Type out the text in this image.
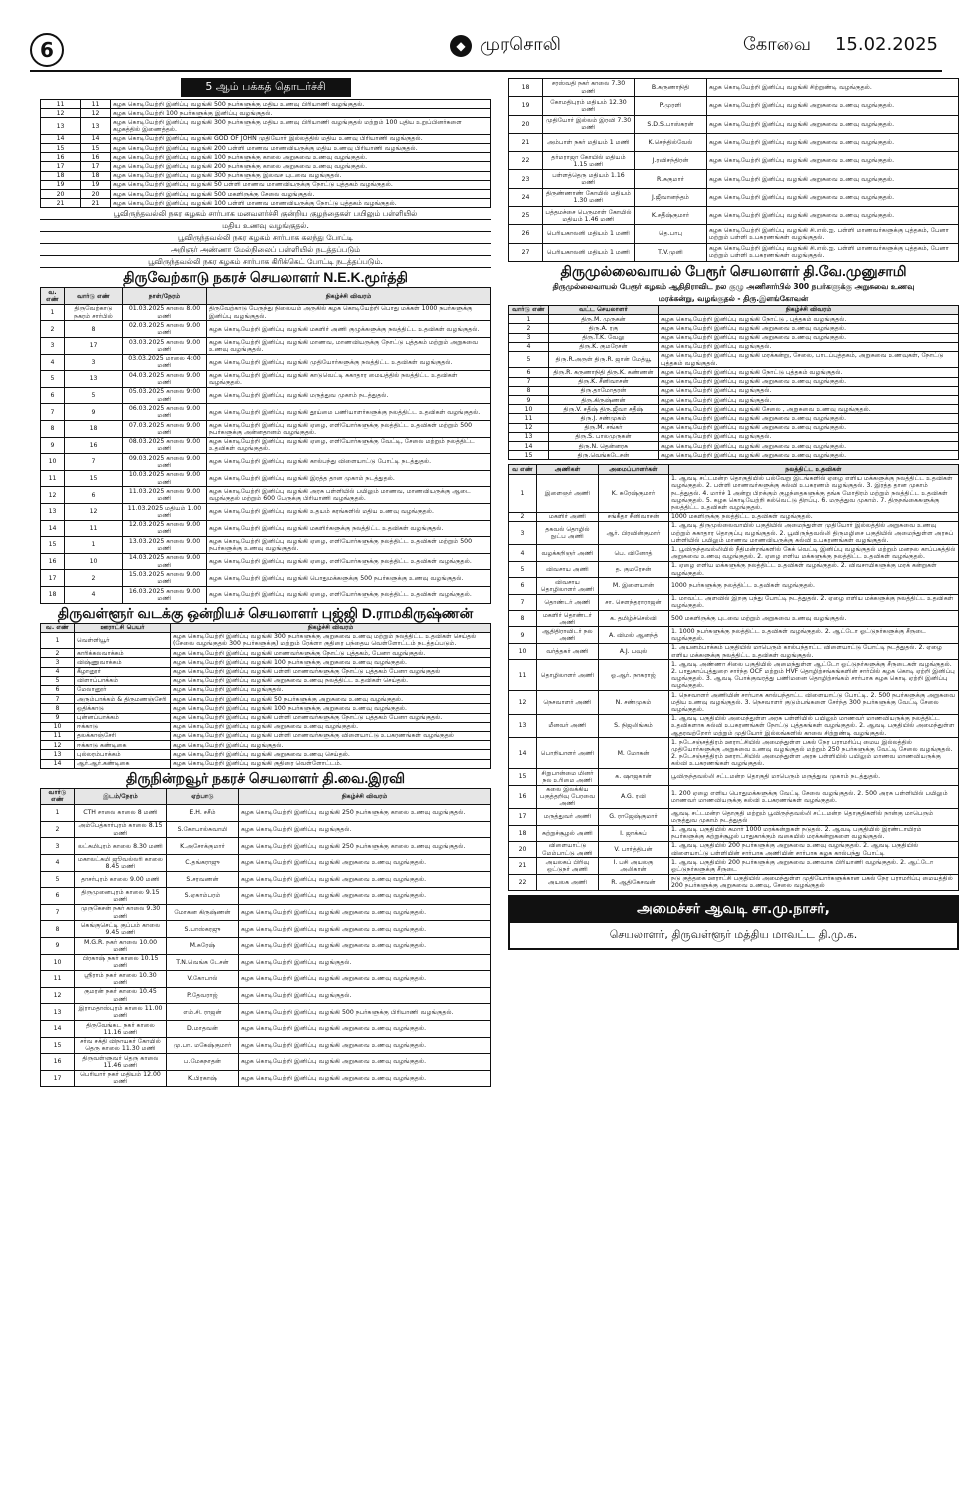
6	◆ முரசொலி	கோவை 15.02.2025
5 ஆம் பக்கத் தொடர்ச்சி
11	11	கழக கொடியேற்றி இனிப்பு வழங்கி 500 நபர்களுக்கு மதிய உணவு பிரியாணி வழங்குதல்.
12	12	கழக கொடியேற்றி 100 நபர்களுக்கு இனிப்பு வழங்குதல்.
13	13	கழக கொடியேற்றி இனிப்பு வழங்கி 300 நபர்களுக்கு மதிய உணவு பிரியாணி வழங்குதல் மற்றும் 100 புதிய உறுப்பினர்களை கழகத்தில் இணைத்தல்.
14	14	கழக கொடியேற்றி இனிப்பு வழங்கி GOD OF JOHN முதியோர் இல்லத்தில் மதிய உணவு பிரியாணி வழங்குதல்.
15	15	கழக கொடியேற்றி இனிப்பு வழங்கி 200 பள்ளி மாணவ மாணவியருக்கு மதிய உணவு பிரியாணி வழங்குதல்.
16	16	கழக கொடியேற்றி இனிப்பு வழங்கி 100 நபர்களுக்கு காலை அறுசுவை உணவு வழங்குதல்.
17	17	கழக கொடியேற்றி இனிப்பு வழங்கி 200 நபர்களுக்கு காலை அறுசுவை உணவு வழங்குதல்.
18	18	கழக கொடியேற்றி இனிப்பு வழங்கி 300 நபர்களுக்கு இலவச புடவை வழங்குதல்.
19	19	கழக கொடியேற்றி இனிப்பு வழங்கி 50 பள்ளி மாணவ மாணவியருக்கு நோட்டு புத்தகம் வழங்குதல்.
20	20	கழக கொடியேற்றி இனிப்பு வழங்கி 500 மகளிருக்கு சேலை வழங்குதல்.
21	21	கழக கொடியேற்றி இனிப்பு வழங்கி 100 பள்ளி மாணவ மாணவியருக்கு நோட்டு புத்தகம் வழங்குதல்.
பூவிருந்தவல்லி நகர கழகம் சார்பாக மனவளர்ச்சி குன்றிய குழந்தைகள் பயிலும் பள்ளியில்
மதிய உணவு வழங்குதல்.
பூவிருந்தவல்லி நகர கழகம் சார்பாக கலந்து போட்டி
அறிஞர் அண்ணா மேல்நிலைப் பள்ளியில் நடத்தப்படும்
பூவிருந்தவல்லி நகர கழகம் சார்பாக கிரிக்கெட் போட்டி நடத்தப்படும்.
திருவேற்காடு நகரச் செயலாளர் N.E.K.மூர்த்தி
வ. எண்	வார்டு எண்	நாள்/நேரம்	நிகழ்ச்சி விவரம்
1	திருவேற்காடு நகரம் சார்பில்	01.03.2025 காலை 8.00 மணி	திருவேற்காடு பேருந்து நிலையம் அருகில் கழக கொடியேற்றி பொது மக்கள் 1000 நபர்களுக்கு இனிப்பு வழங்குதல்.
2	8	02.03.2025 காலை 9.00 மணி	கழக கொடியேற்றி இனிப்பு வழங்கி மகளிர் அணி குழுக்களுக்கு நலத்திட்ட உதவிகள் வழங்குதல்.
3	17	03.03.2025 காலை 9.00 மணி	கழக கொடியேற்றி இனிப்பு வழங்கி மாணவ, மாணவியருக்கு நோட்டு புத்தகம் மற்றும் அறுசுவை உணவு வழங்குதல்.
4	3	03.03.2025 மாலை 4:00 மணி	கழக கொடியேற்றி இனிப்பு வழங்கி முதியோர்களுக்கு நலத்திட்ட உதவிகள் வழங்குதல்.
5	13	04.03.2025 காலை 9.00 மணி	கழக கொடியேற்றி இனிப்பு வழங்கி காடுவெட்டி சுகாதார மையத்தில் நலத்திட்ட உதவிகள் வழங்குதல்.
6	5	05.03.2025 காலை 9:00 மணி	கழக கொடியேற்றி இனிப்பு வழங்கி மருத்துவ முகாம் நடத்துதல்.
7	9	06.03.2025 காலை 9.00 மணி	கழக கொடியேற்றி இனிப்பு வழங்கி தூய்மை பணியாளர்களுக்கு நலத்திட்ட உதவிகள் வழங்குதல்.
8	18	07.03.2025 காலை 9.00 மணி	கழக கொடியேற்றி இனிப்பு வழங்கி ஏழை, எளியோர்களுக்கு நலத்திட்ட உதவிகள் மற்றும் 500 நபர்களுக்கு அன்னதானம் வழங்குதல்.
9	16	08.03.2025 காலை 9.00 மணி	கழக கொடியேற்றி இனிப்பு வழங்கி ஏழை, எளியோர்களுக்கு வேட்டி, சேலை மற்றும் நலத்திட்ட உதவிகள் வழங்குதல்.
10	7	09.03.2025 காலை 9.00 மணி	கழக கொடியேற்றி இனிப்பு வழங்கி கால்பந்து விளையாட்டு போட்டி நடத்துதல்.
11	15	10.03.2025 காலை 9.00 மணி	கழக கொடியேற்றி இனிப்பு வழங்கி இரத்த தான முகாம் நடத்துதல்.
12	6	11.03.2025 காலை 9.00 மணி	கழக கொடியேற்றி இனிப்பு வழங்கி அரசு பள்ளியில் பயிலும் மாணவ, மாணவியருக்கு ஆடை வழங்குதல் மற்றும் 600 பேருக்கு பிரியாணி வழங்குதல்.
13	12	11.03.2025 மதியம் 1.00 மணி	கழக கொடியேற்றி இனிப்பு வழங்கி உதயம் கரங்களில் மதிய உணவு வழங்குதல்.
14	11	12.03.2025 காலை 9.00 மணி	கழக கொடியேற்றி இனிப்பு வழங்கி மகளிர்களுக்கு நலத்திட்ட உதவிகள் வழங்குதல்.
15	1	13.03.2025 காலை 9.00 மணி	கழக கொடியேற்றி இனிப்பு வழங்கி ஏழை, எளியோர்களுக்கு நலத்திட்ட உதவிகள் மற்றும் 500 நபர்களுக்கு உணவு வழங்குதல்.
16	10	14.03.2025 காலை 9.00 மணி	கழக கொடியேற்றி இனிப்பு வழங்கி ஏழை, எளியோர்களுக்கு நலத்திட்ட உதவிகள் வழங்குதல்.
17	2	15.03.2025 காலை 9.00 மணி	கழக கொடியேற்றி இனிப்பு வழங்கி பொதுமக்களுக்கு 500 நபர்களுக்கு உணவு வழங்குதல்.
18	4	16.03.2025 காலை 9.00 மணி	கழக கொடியேற்றி இனிப்பு வழங்கி ஏழை, எளியோர்களுக்கு நலத்திட்ட உதவிகள் வழங்குதல்.
திருவள்ளூர் வடக்கு ஒன்றியச் செயலாளர் புஜ்ஜி D.ராமகிருஷ்ணன்
வ. எண்	ஊராட்சி பெயர்	நிகழ்ச்சி விவரம்
1	வெள்ளியூர்	கழக கொடியேற்றி இனிப்பு வழங்கி 300 நபர்களுக்கு அறுசுவை உணவு மற்றும் நலத்திட்ட உதவிகள் செய்தல் (சேலை வழங்குதல் 300 நபர்களுக்கு) மற்றும் ரேக்ளா குதிரை பந்தைய வெள்ளோட்டம் நடத்தப்படும்.
2	காரிக்கலவாக்கம்	கழக கொடியேற்றி இனிப்பு வழங்கி மாணவர்களுக்கு நோட்டு புத்தகம், பேனா வழங்குதல்.
3	விஷ்ணுவாக்கம்	கழக கொடியேற்றி இனிப்பு வழங்கி 100 நபர்களுக்கு அறுசுவை உணவு வழங்குதல்.
4	கீழானூர்	கழக கொடியேற்றி இனிப்பு வழங்கி பள்ளி மாணவர்களுக்கு நோட்டு புத்தகம் பேனா வழங்குதல்
5	விளாப்பாக்கம்	கழக கொடியேற்றி இனிப்பு வழங்கி அறுசுவை உணவு நலத்திட்ட உதவிகள் செய்தல்.
6	மேலானூர்	கழக கொடியேற்றி இனிப்பு வழங்குதல்.
7	அரும்பாக்கம் & திருமணஞ்சேரி	கழக கொடியேற்றி இனிப்பு வழங்கி 50 நபர்களுக்கு அறுசுவை உணவு வழங்குதல்.
8	ஒதிக்காடு	கழக கொடியேற்றி இனிப்பு வழங்கி 100 நபர்களுக்கு அறுசுவை உணவு வழங்குதல்.
9	புன்னப்பாக்கம்	கழக கொடியேற்றி இனிப்பு வழங்கி பள்ளி மாணவர்களுக்கு நோட்டு புத்தகம் பேனா வழங்குதல்.
10	ஈக்காடு	கழக கொடியேற்றி இனிப்பு வழங்கி அறுசுவை உணவு வழங்குதல்.
11	தலக்காஞ்சேரி	கழக கொடியேற்றி இனிப்பு வழங்கி பள்ளி மாணவர்களுக்கு விளையாட்டு உபகரணங்கள் வழங்குதல்
12	ஈக்காடு கண்டிகை	கழக கொடியேற்றி இனிப்பு வழங்குதல்.
13	புல்லரம்பாக்கம்	கழக கொடியேற்றி இனிப்பு வழங்கி அறுசுவை உணவு செய்தல்.
14	ஆர்.ஆர்.கண்டிகை	கழக கொடியேற்றி இனிப்பு வழங்கி குதிரை வெள்ளோட்டம்.
திருநின்றவூர் நகரச் செயலாளர் தி.வை.இரவி
வார்டு எண்	இடம்/நேரம்	ஏற்பாடு	நிகழ்ச்சி விவரம்
1	CTH சாலை காலை 8 மணி	E.H. சசீம்	கழக கொடியேற்றி இனிப்பு வழங்கி 250 நபர்களுக்கு காலை உணவு வழங்குதல்.
2	அம்பேத்கார்புரம் காலை 8.15 மணி	S.கோபால்சுவாமி	கழக கொடியேற்றி இனிப்பு வழங்குதல்.
3	லட்சுமிபுரம் காலை 8.30 மணி	K.அசோக்குமார்	கழக கொடியேற்றி இனிப்பு வழங்கி 250 நபர்களுக்கு காலை உணவு வழங்குதல்.
4	மகாலட்சுமி ஜூவல்லரி காலை 8.45 மணி	C.தங்கராஜு	கழக கொடியேற்றி இனிப்பு வழங்கி அறுசுவை உணவு வழங்குதல்.
5	தாசர்புரம் காலை 9.00 மணி	S.சரவணன்	கழக கொடியேற்றி இனிப்பு வழங்கி அறுசுவை உணவு வழங்குதல்.
6	திருமுனைபுரம் காலை 9.15 மணி	S.ஏகாம்பரம்	கழக கொடியேற்றி இனிப்பு வழங்கி அறுசுவை உணவு வழங்குதல்.
7	முருகேசன் நகர் காலை 9.30 மணி	மோகன கிருஷ்ணன்	கழக கொடியேற்றி இனிப்பு வழங்கி அறுசுவை உணவு வழங்குதல்.
8	கெங்குசெட்டி குப்பம் காலை 9.45 மணி	S.பாஸ்கரஜு	கழக கொடியேற்றி இனிப்பு வழங்கி அறுசுவை உணவு வழங்குதல்.
9	M.G.R. நகர் காலை 10.00 மணி	M.சுரேஷ்	கழக கொடியேற்றி இனிப்பு வழங்கி அறுசுவை உணவு வழங்குதல்.
10	பிரகாஷ் நகர் காலை 10.15 மணி	T.N.வெங்க டேசன்	கழக கொடியேற்றி இனிப்பு வழங்குதல்.
11	ஸ்ரீராம் நகர் காலை 10.30 மணி	V.கோபால்	கழக கொடியேற்றி இனிப்பு வழங்கி அறுசுவை உணவு வழங்குதல்.
12	குமரன் நகர் காலை 10.45 மணி	P.தேவராஜ்	கழக கொடியேற்றி இனிப்பு வழங்குதல்.
13	இராமதாஸ்புரம் காலை 11.00 மணி	எம்.சி. ராஜன்	கழக கொடியேற்றி இனிப்பு வழங்கி 500 நபர்களுக்கு பிரியாணி வழங்குதல்.
14	திருவேங்கட நகர் காலை 11.16 மணி	D.மாதவன்	கழக கொடியேற்றி இனிப்பு வழங்கி அறுசுவை உணவு வழங்குதல்.
15	சர்வ சக்தி விநாயகர் கோயில் தெரு காலை 11.30 மணி	மு.பா. மகேஷ்குமார்	கழக கொடியேற்றி இனிப்பு வழங்கி அறுசுவை உணவு வழங்குதல்.
16	திருவள்ளுவர் தெரு காலை 11.46 மணி	ப.மேகநாதன்	கழக கொடியேற்றி இனிப்பு வழங்கி அறுசுவை உணவு வழங்குதல்.
17	பெரியார் நகர் மதியம் 12.00 மணி	K.பிரகாஷ்	கழக கொடியேற்றி இனிப்பு வழங்கி அறுசுவை உணவு வழங்குதல்.
18	சரஸ்வதி நகர் காலை 7.30 மணி	B.கருணாநிதி	கழக கொடியேற்றி இனிப்பு வழங்கி சிற்றுண்டி வழங்குதல்.
19	கோமதிபுரம் மதியம் 12.30 மணி	P.முரளி	கழக கொடியேற்றி இனிப்பு வழங்கி அறுசுவை உணவு வழங்குதல்.
20	முதியோர் இல்லம் இரவி 7.30 மணி	S.D.S.பாஸ்கரன்	கழக கொடியேற்றி இனிப்பு வழங்கி அறுசுவை உணவு வழங்குதல்.
21	அம்பாள் நகர் மதியம் 1 மணி	K.செந்தில்வேல்	கழக கொடியேற்றி இனிப்பு வழங்கி அறுசுவை உணவு வழங்குதல்.
22	தர்மராஜா கோயில் மதியம் 1.15 மணி	J.ரவிசந்திரன்	கழக கொடியேற்றி இனிப்பு வழங்கி அறுசுவை உணவு வழங்குதல்.
23	பள்ளத்தெரு மதியம் 1.16 மணி	R.சுகுமார்	கழக கொடியேற்றி இனிப்பு வழங்கி அறுசுவை உணவு வழங்குதல்.
24	திருண்ணாண் கோயில் மதியம் 1.30 மணி	J.ஜீவானந்தம்	கழக கொடியேற்றி இனிப்பு வழங்கி அறுசுவை உணவு வழங்குதல்.
25	பத்தமச்சை பெருமாள் கோயில் மதியம் 1.46 மணி	K.சதீஷ்குமார்	கழக கொடியேற்றி இனிப்பு வழங்கி அறுசுவை உணவு வழங்குதல்.
26	பெரியகாலனி மதியம் 1 மணி	தெ.பாபு	கழக கொடியேற்றி இனிப்பு வழங்கி சி.எல்.ஐ. பள்ளி மாணவர்களுக்கு புத்தகம், பேனா மற்றும் பள்ளி உபகரணங்கள் வழங்குதல்.
27	பெரியகாலனி மதியம் 1 மணி	T.V.முனி	கழக கொடியேற்றி இனிப்பு வழங்கி சி.எல்.ஐ. பள்ளி மாணவர்களுக்கு புத்தகம், பேனா மற்றும் பள்ளி உபகரணங்கள் வழங்குதல்.
திருமுல்லைவாயல் பேரூர் செயலாளர் தி.வே.முனுசாமி
திருமுல்லைவாயல் பேரூர் கழகம் ஆதிதிராவிட நல குழு அணிசார்பில் 300 நபர்களுக்கு அறுசுவை உணவு
மரக்கன்று, வழங்குதல் - திரு.இளங்கோவன்
வார்டு எண்	வட்ட செயலாளர்	நிகழ்ச்சி விவரம்
1	திரு.M. முருகன்	கழக கொடியேற்றி இனிப்பு வழங்கி நோட்டு , புத்தகம் வழங்குதல்.
2	திரு.A. ரகு	கழக கொடியேற்றி இனிப்பு வழங்கி அறுசுவை உணவு வழங்குதல்.
3	திரு.T.K. வேலு	கழக கொடியேற்றி இனிப்பு வழங்கி அறுசுவை உணவு வழங்குதல்.
4	திரு.K. குமரேசன்	கழக கொடியேற்றி இனிப்பு வழங்குதல்.
5	திரு.R.அருள் திரு.R. ஜான் மேத்யூ	கழக கொடியேற்றி இனிப்பு வழங்கி மரக்கன்று, சேலை, பாடப்புத்தகம், அறுசுவை உணவுகள், நோட்டு புத்தகம் வழங்குதல்.
6	திரு.R. கருணாநிதி திரு.K. கண்ணன்	கழக கொடியேற்றி இனிப்பு வழங்கி நோட்டு புத்தகம் வழங்குதல்.
7	திரு.K. சீனிவாசன்	கழக கொடியேற்றி இனிப்பு வழங்கி அறுசுவை உணவு வழங்குதல்.
8	திரு.தாமோதரன்	கழக கொடியேற்றி இனிப்பு வழங்குதல்.
9	திரு.கிருஷ்ணன்	கழக கொடியேற்றி இனிப்பு வழங்குதல்.
10	திரு.V. சதீஷ் திரு.ஜீவா சதீஷ்	கழக கொடியேற்றி இனிப்பு வழங்கி சேலை , அறுசுவை உணவு வழங்குதல்.
11	திரு.J. சண்முகம்	கழக கொடியேற்றி இனிப்பு வழங்கி அறுசுவை உணவு வழங்குதல்.
12	திரு.M. சங்கர்	கழக கொடியேற்றி இனிப்பு வழங்கி அறுசுவை உணவு வழங்குதல்.
13	திரு.S. பாலமுருகன்	கழக கொடியேற்றி இனிப்பு வழங்குதல்.
14	திரு.N. தென்னரசு	கழக கொடியேற்றி இனிப்பு வழங்கி அறுசுவை உணவு வழங்குதல்.
15	திரு.வெங்கடேசன்	கழக கொடியேற்றி இனிப்பு வழங்கி அறுசுவை உணவு வழங்குதல்.
வ எண்	அணிகள்	அமைப்பாளர்கள்	நலத்திட்ட உதவிகள்
1	இளைஞர் அணி	K. சுரேஷ்குமார்	1. ஆவடி சட்டமன்ற தொகுதியில் பல்வேறு இடங்களில் ஏழை எளிய மக்களுக்கு நலத்திட்ட உதவிகள் வழங்குதல். 2. பள்ளி மாணவர்களுக்கு கல்வி உபகரணம் வழங்குதல். 3. இரத்த தான முகாம் நடத்துதல். 4. மார்ச் 1 அன்று பிறக்கும் குழந்தைகளுக்கு தங்க மோதிரம் மற்றும் நலத்திட்ட உதவிகள் வழங்குதல். 5. கழக கொடியேற்றி கல்வெட்டு திறப்பு. 6. மருத்துவ முகாம். 7. திருநங்கைகளுக்கு நலத்திட்ட உதவிகள் வழங்குதல்.
2	மகளிர் அணி	சங்கீதா சீனிவாசன்	1000 மகளிருக்கு நலத்திட்ட உதவிகள் வழங்குதல்.
3	தகவல் தொழில் நுட்ப அணி	ஆர். பிரவின்குமார்	1. ஆவடி திருமுல்லைவாயில் பகுதியில் அமைந்துள்ள முதியோர் இல்லத்தில் அறுசுவை உணவு மற்றும் சுகாதார தொகுப்பு வழங்குதல். 2. பூவிருந்தவல்லி திருமழிசை பகுதியில் அமைந்துள்ள அரசுப் பள்ளியில் பயிலும் மாணவ மாணவியருக்கு கல்வி உபகரணங்கள் வழங்குதல்.
4	வழக்கறிஞர் அணி	பெ. வினோத்	1. பூவிருந்தவல்லியில் நீதிமன்றங்களில் கேக் வெட்டி இனிப்பு வழங்குதல் மற்றும் மனநல காப்பகத்தில் அறுசுவை உணவு வழங்குதல். 2. ஏழை எளிய மக்களுக்கு நலத்திட்ட உதவிகள் வழங்குதல்.
5	விவசாய அணி	த. குமரேசன்	1. ஏழை எளிய மக்களுக்கு நலத்திட்ட உதவிகள் வழங்குதல். 2. விவசாயிகளுக்கு மரக் கன்றுகள் வழங்குதல்.
6	விவசாய தொழிலாளர் அணி	M. இளையான்	1000 நபர்களுக்கு நலத்திட்ட உதவிகள் வழங்குதல்.
7	தொண்டர் அணி	சா. சௌந்தராராஜன்	1. மாவட்ட அளவில் இறகு பந்து போட்டி நடத்துதல். 2. ஏழை எளிய மக்களுக்கு நலத்திட்ட உதவிகள் வழங்குதல்.
8	மகளிர் தொண்டர் அணி	க. தமிழ்ச்செல்வி	500 மகளிருக்கு புடவை மற்றும் அறுசுவை உணவு வழங்குதல்.
9	ஆதிதிராவிடர் நல அணி	A. விமல் ஆனந்த்	1. 1000 நபர்களுக்கு நலத்திட்ட உதவிகள் வழங்குதல். 2. ஆட்டோ ஓட்டுநர்களுக்கு சீருடை வழங்குதல்.
10	வர்த்தகர் அணி	A.J. பவுல்	1. அயனம்பாக்கம் பகுதியில் மாபெரும் கால்பந்தாட்ட விளையாட்டு போட்டி நடத்துதல். 2. ஏழை எளிய மக்களுக்கு நலத்திட்ட உதவிகள் வழங்குதல்.
11	தொழிலாளர் அணி	ஓ.ஆர். நாகராஜ்	1. ஆவடி அண்ணா சிலை பகுதியில் அமைந்துள்ள ஆட்டோ ஓட்டுநர்களுக்கு சீருடைகள் வழங்குதல். 2. பாதுகாப்புத்துறை சார்ந்த OCF மற்றும் HVF தொழிற்சங்கங்களின் சார்பில் கழக கொடி ஏற்றி இனிப்பு வழங்குதல். 3. ஆவடி போக்குவரத்து பணிமனை தொழிற்சங்கம் சார்பாக கழக கொடி ஏற்றி இனிப்பு வழங்குதல்.
12	நெசவாளர் அணி	N. சண்முகம்	1. நெசவாளர் அணியின் சார்பாக கால்பந்தாட்ட விளையாட்டு போட்டி. 2. 500 நபர்களுக்கு அறுசுவை மதிய உணவு வழங்குதல். 3. நெசவாளர் குடும்பங்களை சேர்ந்த 300 நபர்களுக்கு வேட்டி சேலை வழங்குதல்.
13	மீனவர் அணி	S. நிஜலிங்கம்	1. ஆவடி பகுதியில் அமைந்துள்ள அரசு பள்ளியில் பயிலும் மாணவர் மாணவியருக்கு நலத்திட்ட உதவிகளாக கல்வி உபகரணங்கள் நோட்டு புத்தகங்கள் வழங்குதல். 2. ஆவடி பகுதியில் அமைந்துள்ள ஆதரவற்றோர் மற்றும் முதியோர் இல்லங்களில் காலை சிற்றுண்டி வழங்குதல்.
14	பொறியாளர் அணி	M. மோகன்	1. நடேசஞ்சத்திரம் ஊராட்சியில் அமைந்துள்ள பகல் நேர பராமரிப்பு மைய இல்லத்தில் முதியோர்களுக்கு அறுசுவை உணவு வழங்குதல் மற்றும் 250 நபர்களுக்கு வேட்டி சேலை வழங்குதல். 2. நடேசஞ்சத்திரம் ஊராட்சியில் அமைந்துள்ள அரசு பள்ளியில் பயிலும் மாணவ மாணவியருக்கு கல்வி உபகரணங்கள் வழங்குதல்.
15	சிறுபான்மை மினர் நல உரிமை அணி	க. ஷாஜகான்	பூவிருந்தவல்லி சட்டமன்ற தொகுதி மாபெரும் மருத்துவ முகாம் நடத்துதல்.
16	கலை இலக்கிய பகுத்தறிவு பேரவை அணி	A.G. ரவி	1. 200 ஏழை எளிய பொதுமக்களுக்கு வேட்டி சேலை வழங்குதல். 2. 500 அரசு பள்ளியில் பயிலும் மாணவர் மாணவியருக்கு கல்வி உபகரணங்கள் வழங்குதல்.
17	மருத்துவர் அணி	G. ராஜேஷ்குமார்	ஆவடி சட்டமன்ற தொகுதி மற்றும் பூவிருந்தவல்லி சட்டமன்ற தொகுதிகளில் நான்கு மாபெரும் மருத்துவ முகாம் நடத்துதல்
18	சுற்றுச்சூழல் அணி	I. ஜாக்சுப்	1. ஆவடி பகுதியில் சுமார் 1000 மரக்கன்றுகள் நடுதல். 2. ஆவடி பகுதியில் இரண்டாயிரம் நபர்களுக்கு சுற்றுச்சூழல் பாதுகாக்கும் வகையில் மரக்கன்றுகளை வழங்குதல்.
20	விளையாட்டு மேம்பாட்டு அணி	V. பார்த்திபன்	1. ஆவடி பகுதியில் 200 நபர்களுக்கு அறுசுவை உணவு வழங்குதல். 2. ஆவடி பகுதியில் விளையாட்டு பள்ளியின் சார்பாக அணியின் சார்பாக கழக கால்பந்து போட்டி
21	அயலகப் பிரிவு ஒட்டுநர் அணி	I. பசி அயலகு அலிகான்	1. ஆவடி பகுதியில் 200 நபர்களுக்கு அறுசுவை உணவாக பிரியாணி வழங்குதல். 2. ஆட்டோ ஓட்டுநர்களுக்கு சீருடை
22	அயலக அணி	R. ஆதிகேசவன்	நடு குத்தகை ஊராட்சி பகுதியில் அமைந்துள்ள முதியோர்களுக்கான பகல் நேர பராமரிப்பு மையத்தில் 200 நபர்களுக்கு அறுசுவை உணவு, சேலை வழங்குதல்
அமைச்சர் ஆவடி சா.மு.நாசர்,
செயலாளர், திருவள்ளூர் மத்திய மாவட்ட தி.மு.க.
